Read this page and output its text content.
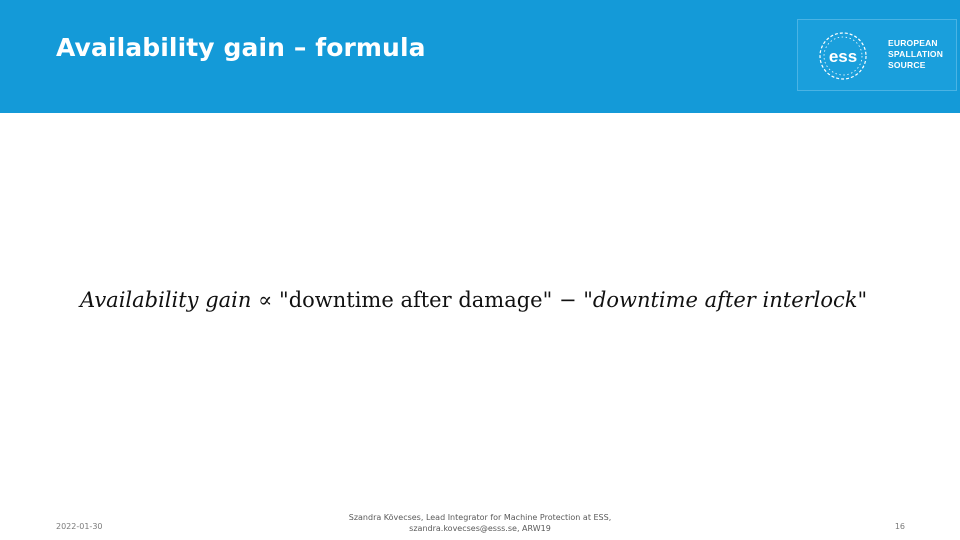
Availability gain – formula	ess
EUROPEAN
SPALLATION
SOURCE
Availability gain ∝ "downtime after damage" − "downtime after interlock"
2022-01-30
Szandra Kövecses, Lead Integrator for Machine Protection at ESS,
szandra.kovecses@esss.se, ARW19	16
